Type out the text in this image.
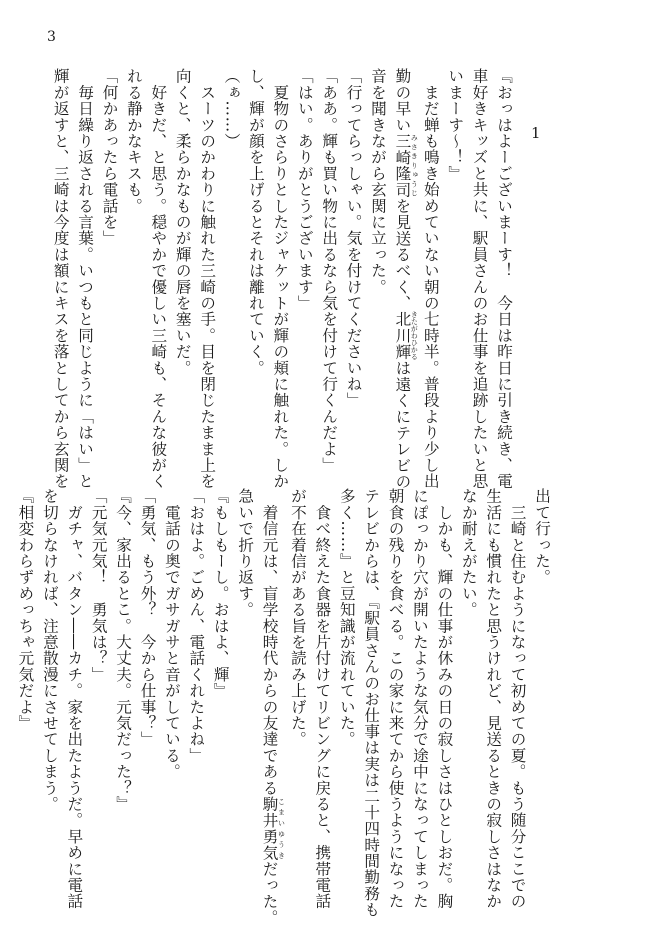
3
1

『おっはよーございまーす！　今日は昨日に引き続き、電

車好きキッズと共に、駅員さんのお仕事を追跡したいと思

いまーす～！』

　まだ蝉も鳴き始めていない朝の七時半。普段より少し出

勤の早い三崎隆司 みさきりゅうじを見送るべく、北川輝 きたがわひかるは遠くにテレビの

音を聞きながら玄関に立った。

「行ってらっしゃい。気を付けてくださいね」

「ああ。輝も買い物に出るなら気を付けて行くんだよ」

「はい。ありがとうございます」

　夏物のさらりとしたジャケットが輝の頬に触れた。しか

し、輝が顔を上げるとそれは離れていく。

（ぁ……）

　スーツのかわりに触れた三崎の手。目を閉じたまま上を

向くと、柔らかなものが輝の唇を塞いだ。

　好きだ、と思う。穏やかで優しい三崎も、そんな彼がく

れる静かなキスも。

「何かあったら電話を」

　毎日繰り返される言葉。いつもと同じように「はい」と

輝が返すと、三崎は今度は額にキスを落としてから玄関を

出て行った。

　三崎と住むようになって初めての夏。もう随分ここでの

生活にも慣れたと思うけれど、見送るときの寂しさはなか

なか耐えがたい。

　しかも、輝の仕事が休みの日の寂しさはひとしおだ。胸

にぽっかり穴が開いたような気分で途中になってしまった

朝食の残りを食べる。この家に来てから使うようになった

テレビからは、『駅員さんのお仕事は実は二十四時間勤務も

多く……』と豆知識が流れていた。

　食べ終えた食器を片付けてリビングに戻ると、携帯電話

が不在着信がある旨を読み上げた。

　着信元は、盲学校時代からの友達である駒井勇気 こまいゆうきだった。

急いで折り返す。

『もしもーし。おはよ、輝』

「おはよ。ごめん、電話くれたよね」

　電話の奥でガサガサと音がしている。

「勇気、もう外？　今から仕事？」

『今、家出るとこ。大丈夫。元気だった？』

「元気元気！　勇気は？」

　ガチャ、バタン――カチ。家を出たようだ。早めに電話

を切らなければ、注意散漫にさせてしまう。

『相変わらずめっちゃ元気だよ』
